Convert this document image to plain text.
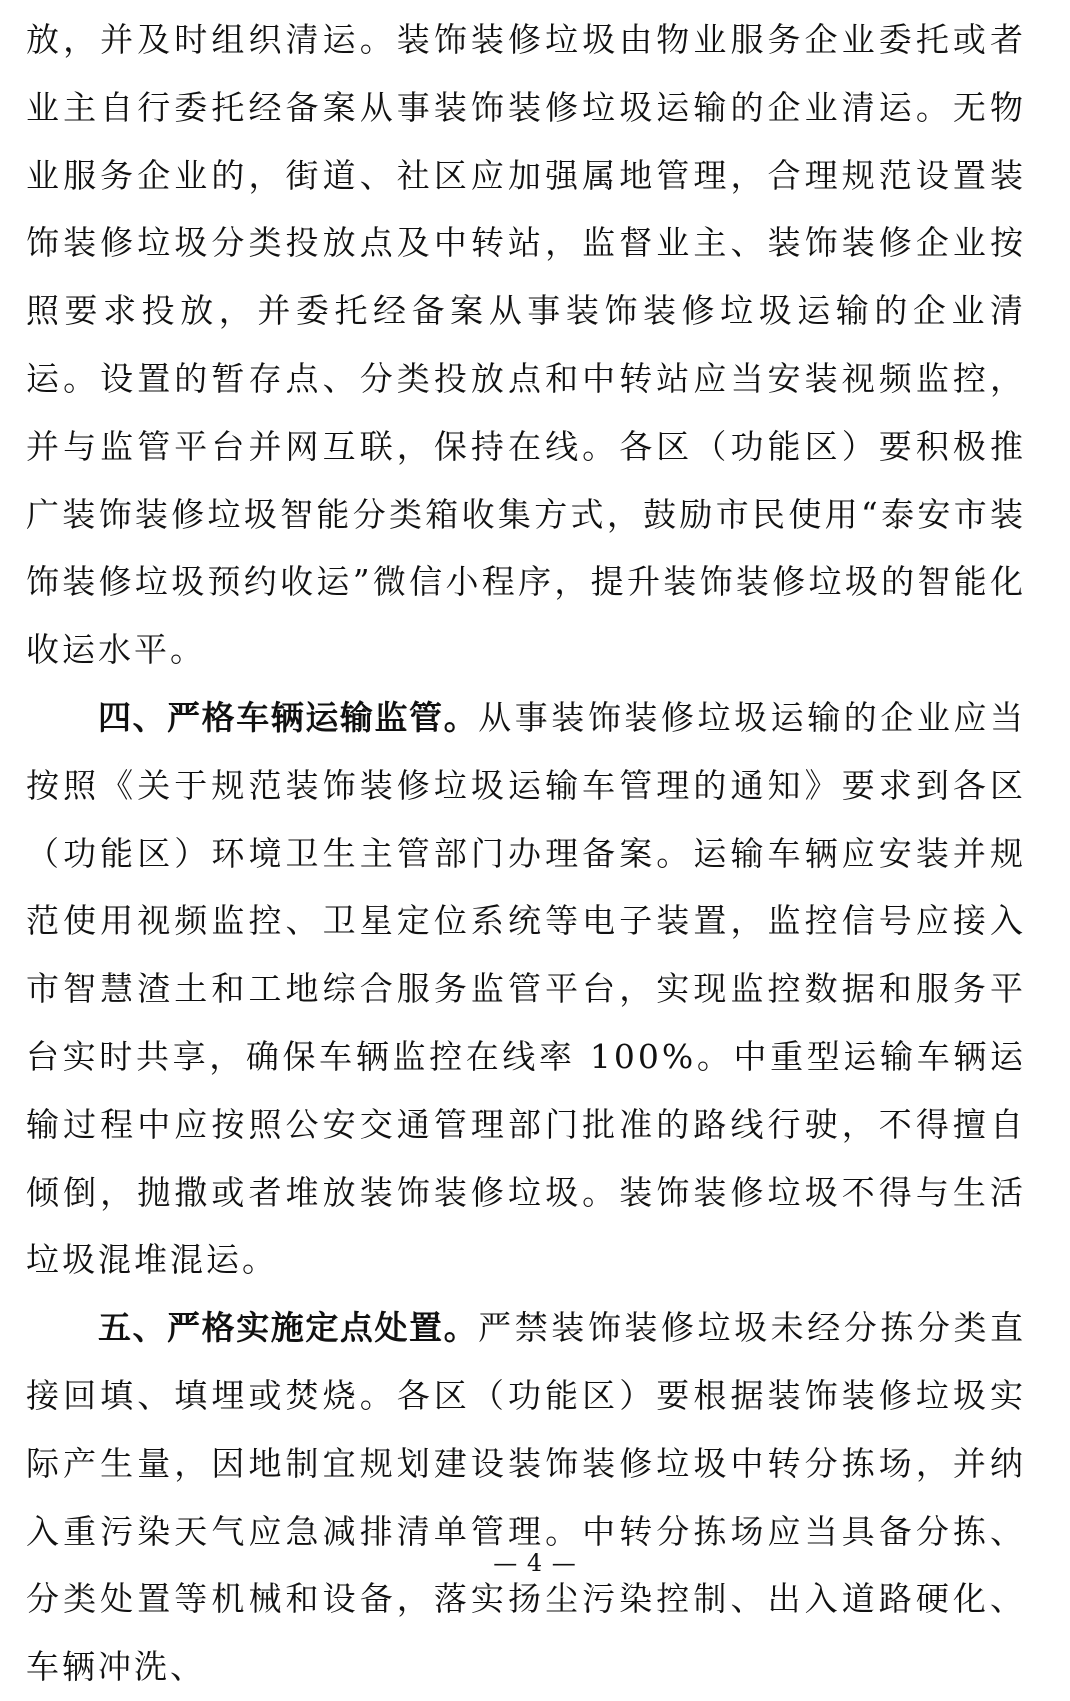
放，并及时组织清运。装饰装修垃圾由物业服务企业委托或者业主自行委托经备案从事装饰装修垃圾运输的企业清运。无物业服务企业的，街道、社区应加强属地管理，合理规范设置装饰装修垃圾分类投放点及中转站，监督业主、装饰装修企业按照要求投放，并委托经备案从事装饰装修垃圾运输的企业清运。设置的暂存点、分类投放点和中转站应当安装视频监控，并与监管平台并网互联，保持在线。各区（功能区）要积极推广装饰装修垃圾智能分类箱收集方式，鼓励市民使用“泰安市装饰装修垃圾预约收运”微信小程序，提升装饰装修垃圾的智能化收运水平。

四、严格车辆运输监管。从事装饰装修垃圾运输的企业应当按照《关于规范装饰装修垃圾运输车管理的通知》要求到各区（功能区）环境卫生主管部门办理备案。运输车辆应安装并规范使用视频监控、卫星定位系统等电子装置，监控信号应接入市智慧渣土和工地综合服务监管平台，实现监控数据和服务平台实时共享，确保车辆监控在线率 100%。中重型运输车辆运输过程中应按照公安交通管理部门批准的路线行驶，不得擅自倾倒，抛撒或者堆放装饰装修垃圾。装饰装修垃圾不得与生活垃圾混堆混运。

五、严格实施定点处置。严禁装饰装修垃圾未经分拣分类直接回填、填埋或焚烧。各区（功能区）要根据装饰装修垃圾实际产生量，因地制宜规划建设装饰装修垃圾中转分拣场，并纳入重污染天气应急减排清单管理。中转分拣场应当具备分拣、分类处置等机械和设备，落实扬尘污染控制、出入道路硬化、车辆冲洗、

— 4 —
